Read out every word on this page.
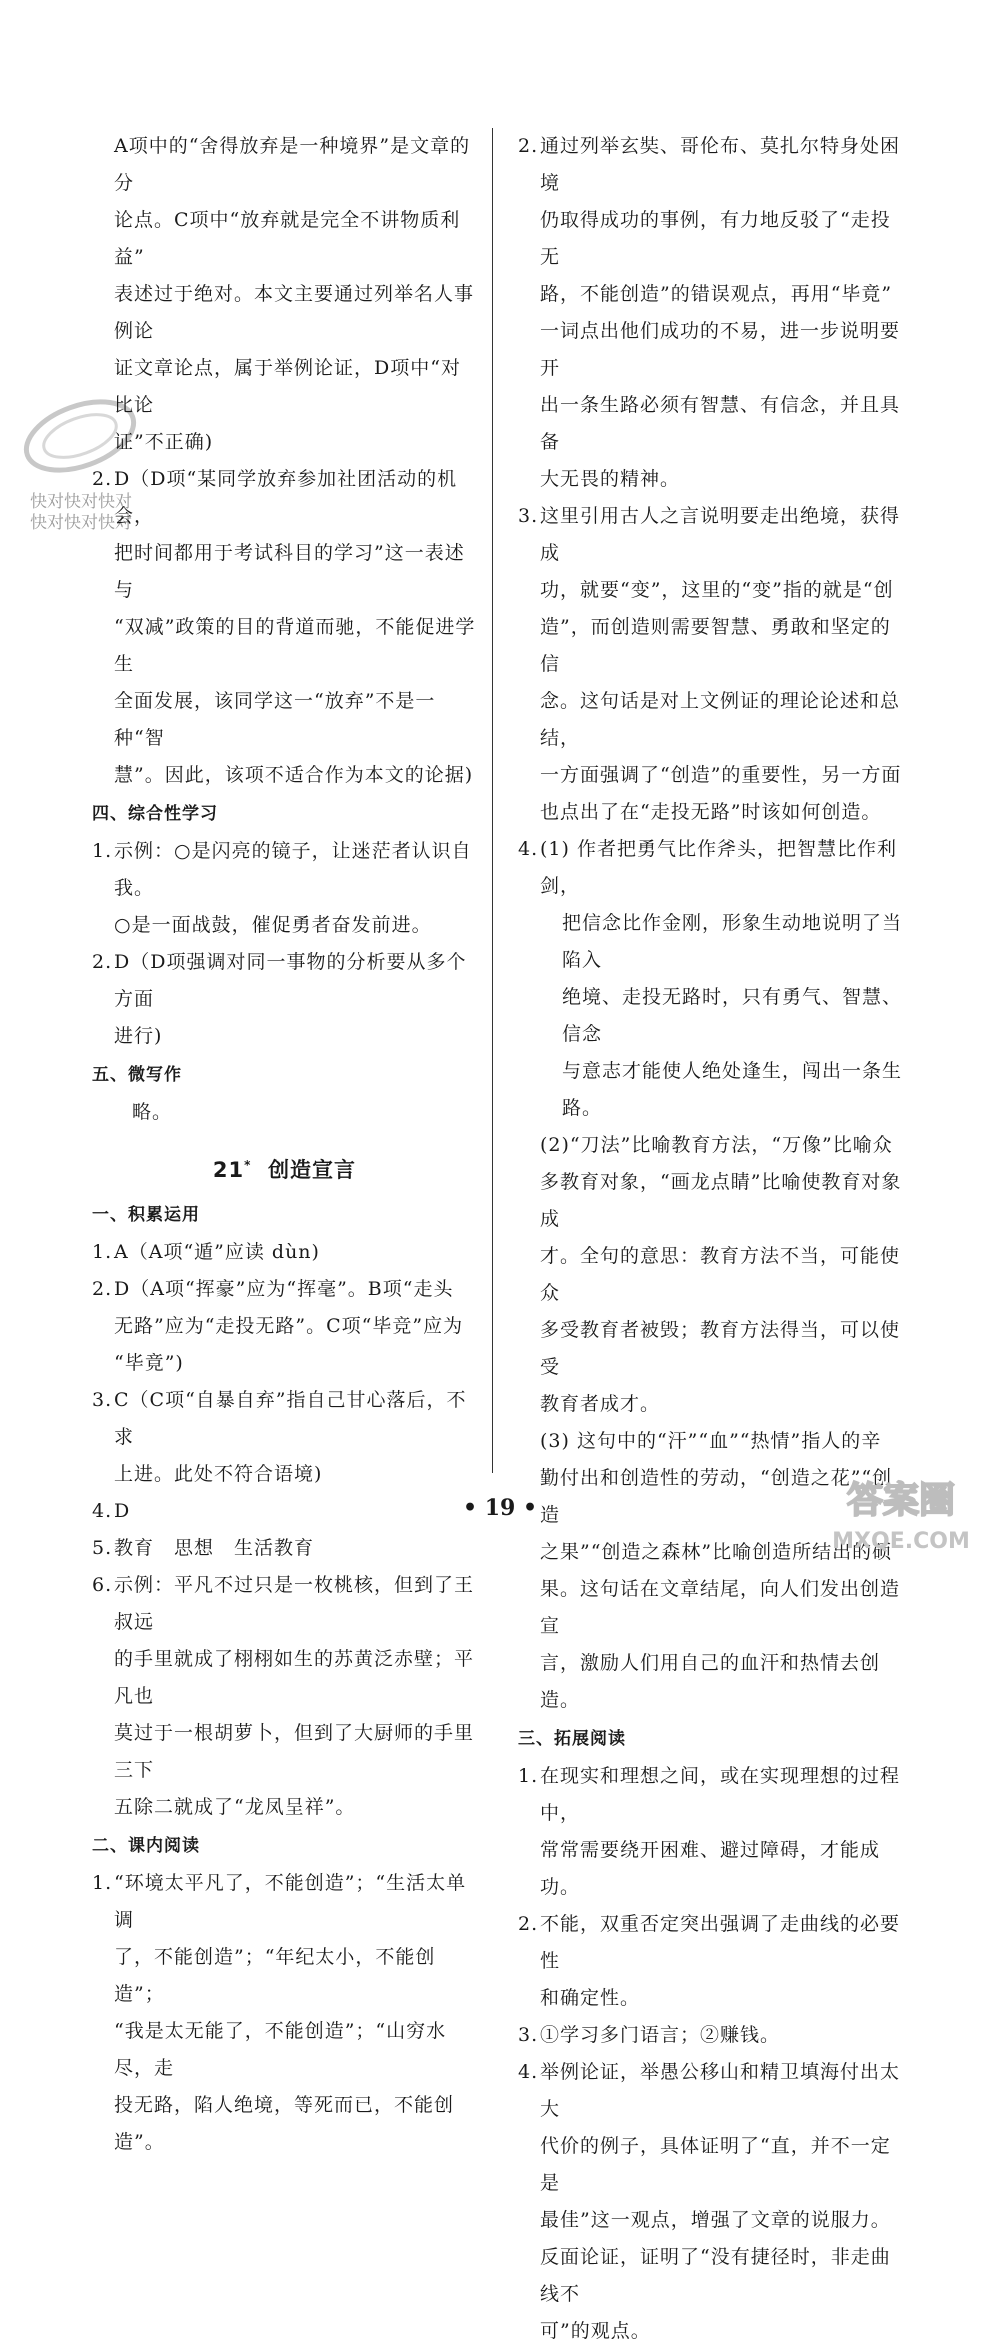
快对快对快对
快对快对快对
A项中的“舍得放弃是一种境界”是文章的分
论点。C项中“放弃就是完全不讲物质利益”
表述过于绝对。本文主要通过列举名人事例论
证文章论点，属于举例论证，D项中“对比论
证”不正确)
2. D（D项“某同学放弃参加社团活动的机会，
把时间都用于考试科目的学习”这一表述与
“双减”政策的目的背道而驰，不能促进学生
全面发展，该同学这一“放弃”不是一种“智
慧”。因此，该项不适合作为本文的论据)
四、综合性学习
1. 示例：○是闪亮的镜子，让迷茫者认识自我。
○是一面战鼓，催促勇者奋发前进。
2. D（D项强调对同一事物的分析要从多个方面
进行)
五、微写作
略。
21* 创造宣言
一、积累运用
1. A（A项“遁”应读 dùn)
2. D（A项“挥豪”应为“挥毫”。B项“走头
无路”应为“走投无路”。C项“毕竞”应为
“毕竟”)
3. C（C项“自暴自弃”指自己甘心落后，不求
上进。此处不符合语境)
4. D
5. 教育　思想　生活教育
6. 示例：平凡不过只是一枚桃核，但到了王叔远
的手里就成了栩栩如生的苏黄泛赤壁；平凡也
莫过于一根胡萝卜，但到了大厨师的手里三下
五除二就成了“龙凤呈祥”。
二、课内阅读
1. “环境太平凡了，不能创造”；“生活太单调
了，不能创造”；“年纪太小，不能创造”；
“我是太无能了，不能创造”；“山穷水尽，走
投无路，陷人绝境，等死而已，不能创造”。
2. 通过列举玄奘、哥伦布、莫扎尔特身处困境
仍取得成功的事例，有力地反驳了“走投无
路，不能创造”的错误观点，再用“毕竟”
一词点出他们成功的不易，进一步说明要开
出一条生路必须有智慧、有信念，并且具备
大无畏的精神。
3. 这里引用古人之言说明要走出绝境，获得成
功，就要“变”，这里的“变”指的就是“创
造”，而创造则需要智慧、勇敢和坚定的信
念。这句话是对上文例证的理论论述和总结，
一方面强调了“创造”的重要性，另一方面
也点出了在“走投无路”时该如何创造。
4. (1) 作者把勇气比作斧头，把智慧比作利剑，
把信念比作金刚，形象生动地说明了当陷入
绝境、走投无路时，只有勇气、智慧、信念
与意志才能使人绝处逢生，闯出一条生路。
(2)“刀法”比喻教育方法，“万像”比喻众
多教育对象，“画龙点睛”比喻使教育对象成
才。全句的意思：教育方法不当，可能使众
多受教育者被毁；教育方法得当，可以使受
教育者成才。
(3) 这句中的“汗”“血”“热情”指人的辛
勤付出和创造性的劳动，“创造之花”“创造
之果”“创造之森林”比喻创造所结出的硕
果。这句话在文章结尾，向人们发出创造宣
言，激励人们用自己的血汗和热情去创造。
三、拓展阅读
1. 在现实和理想之间，或在实现理想的过程中，
常常需要绕开困难、避过障碍，才能成功。
2. 不能，双重否定突出强调了走曲线的必要性
和确定性。
3. ①学习多门语言；②赚钱。
4. 举例论证，举愚公移山和精卫填海付出太大
代价的例子，具体证明了“直，并不一定是
最佳”这一观点，增强了文章的说服力。
反面论证，证明了“没有捷径时，非走曲线不
可”的观点。
• 19 •	答案圈
MXQE.COM
